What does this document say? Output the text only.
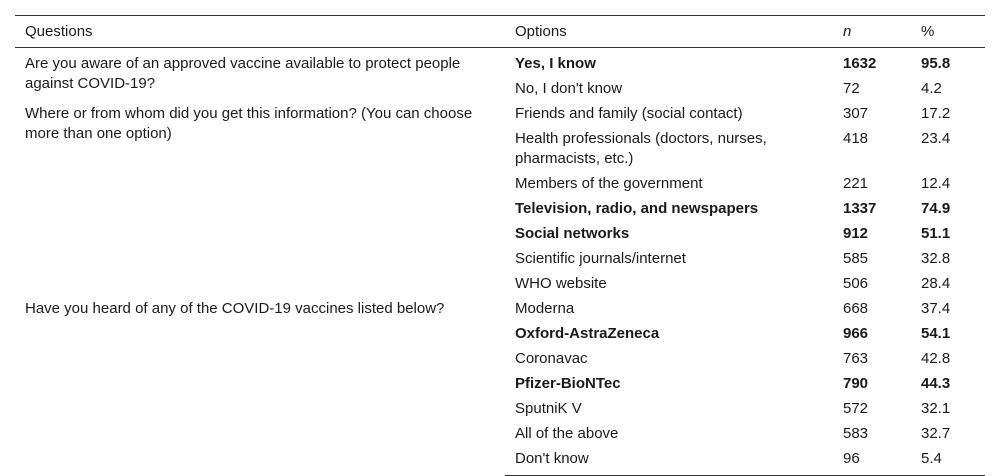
Questions	Options	n	%
Are you aware of an approved vaccine available to protect people against COVID-19?	Yes, I know	1632	95.8
	No, I don't know	72	4.2
Where or from whom did you get this information? (You can choose more than one option)	Friends and family (social contact)	307	17.2
	Health professionals (doctors, nurses, pharmacists, etc.)	418	23.4
	Members of the government	221	12.4
	Television, radio, and newspapers	1337	74.9
	Social networks	912	51.1
	Scientific journals/internet	585	32.8
	WHO website	506	28.4
Have you heard of any of the COVID-19 vaccines listed below?	Moderna	668	37.4
	Oxford-AstraZeneca	966	54.1
	Coronavac	763	42.8
	Pfizer-BioNTec	790	44.3
	SputniK V	572	32.1
	All of the above	583	32.7
	Don't know	96	5.4
